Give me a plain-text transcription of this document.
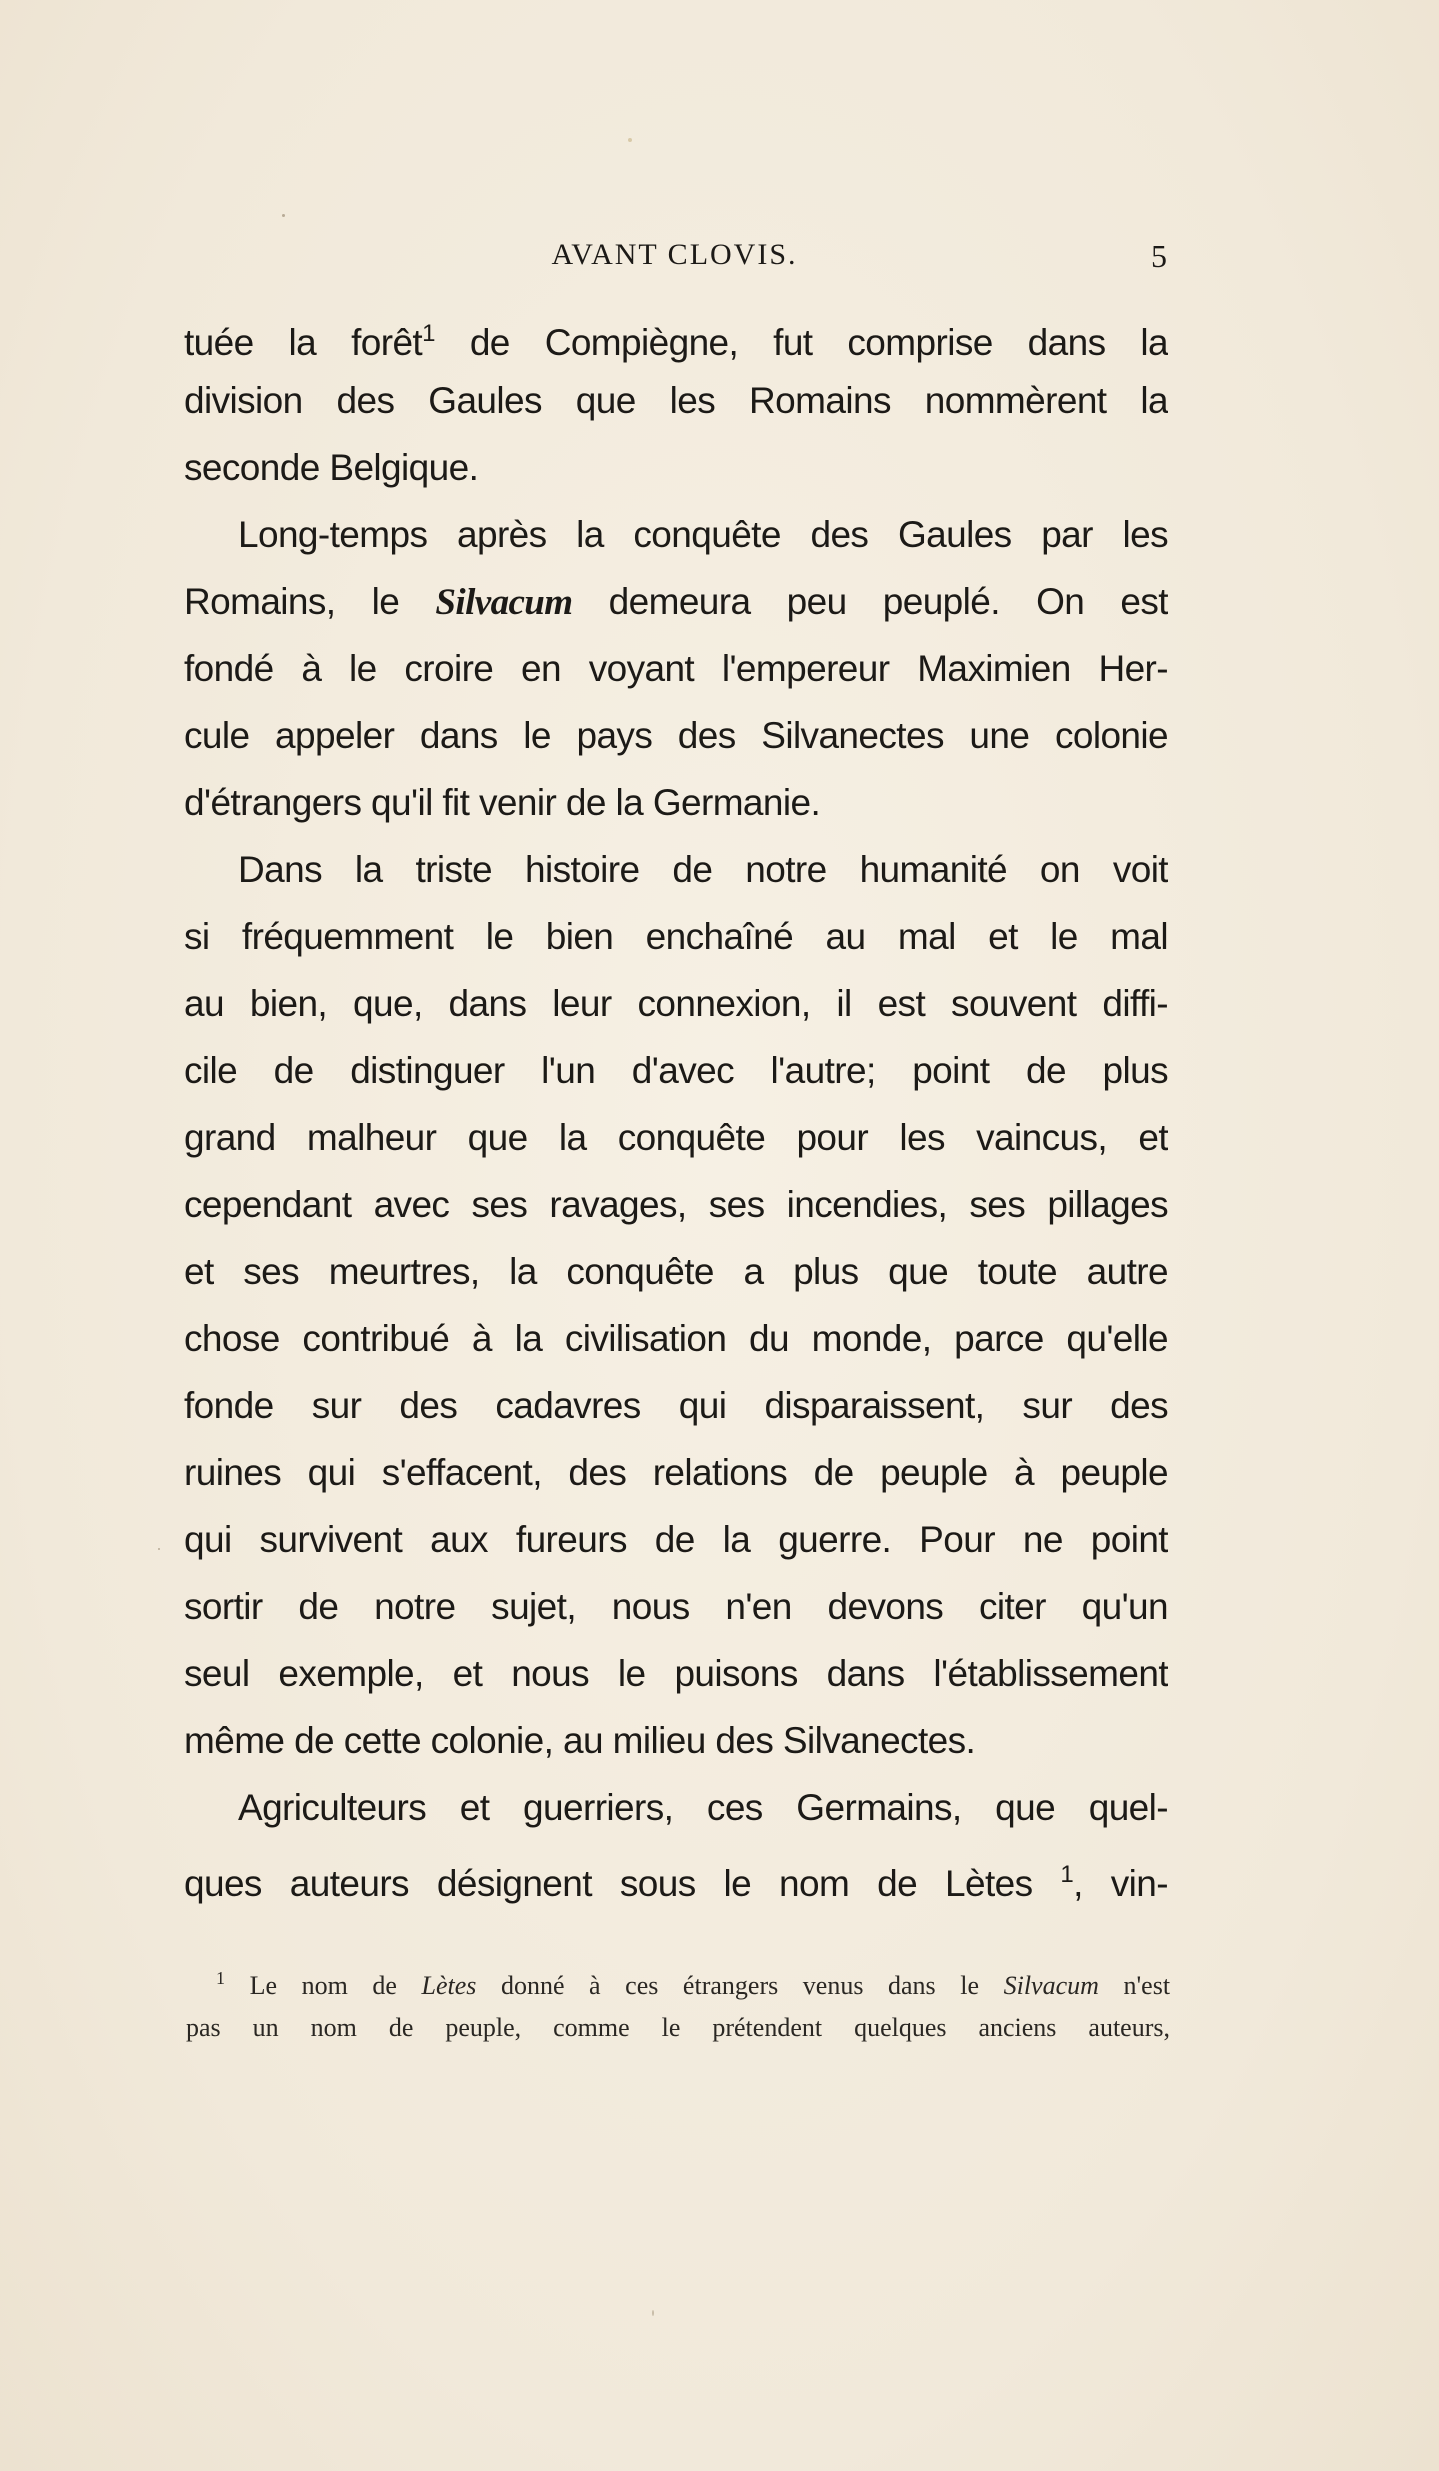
AVANT CLOVIS.	5
tuée la forêt$^1$ de Compiègne, fut comprise dans la
division des Gaules que les Romains nommèrent la
seconde Belgique.
Long-temps après la conquête des Gaules par les
Romains, le Silvacum demeura peu peuplé. On est
fondé à le croire en voyant l'empereur Maximien Her-
cule appeler dans le pays des Silvanectes une colonie
d'étrangers qu'il fit venir de la Germanie.
Dans la triste histoire de notre humanité on voit
si fréquemment le bien enchaîné au mal et le mal
au bien, que, dans leur connexion, il est souvent diffi-
cile de distinguer l'un d'avec l'autre; point de plus
grand malheur que la conquête pour les vaincus, et
cependant avec ses ravages, ses incendies, ses pillages
et ses meurtres, la conquête a plus que toute autre
chose contribué à la civilisation du monde, parce qu'elle
fonde sur des cadavres qui disparaissent, sur des
ruines qui s'effacent, des relations de peuple à peuple
qui survivent aux fureurs de la guerre. Pour ne point
sortir de notre sujet, nous n'en devons citer qu'un
seul exemple, et nous le puisons dans l'établissement
même de cette colonie, au milieu des Silvanectes.
Agriculteurs et guerriers, ces Germains, que quel-
ques auteurs désignent sous le nom de Lètes $^1$, vin-
$^1$ Le nom de Lètes donné à ces étrangers venus dans le Silvacum n'est
pas un nom de peuple, comme le prétendent quelques anciens auteurs,
